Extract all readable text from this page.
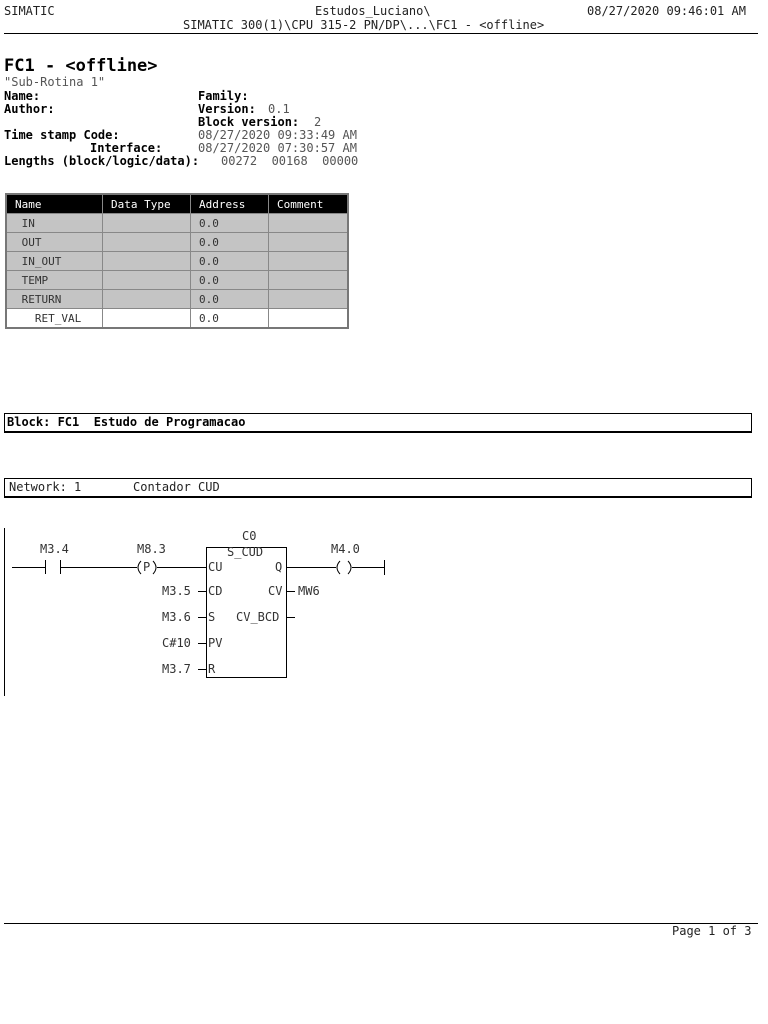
SIMATIC	Estudos_Luciano\	08/27/2020 09:46:01 AM
SIMATIC 300(1)\CPU 315-2 PN/DP\...\FC1 - <offline>
FC1 - <offline>
"Sub-Rotina 1"
Name:	Family:
Author:	Version: 0.1
Block version: 2
Time stamp Code:	08/27/2020 09:33:49 AM
Interface:	08/27/2020 07:30:57 AM
Lengths (block/logic/data): 00272  00168  00000
Name	Data Type	Address	Comment
IN		0.0	
OUT		0.0	
IN_OUT		0.0	
TEMP		0.0	
RETURN		0.0	
RET_VAL		0.0	
Block: FC1  Estudo de Programacao
Network: 1	Contador CUD
M3.4	M8.3
P
M4.0
C0
S_CUD
CU	Q
CD	CV
S CV_BCD
PV
R
M3.5
M3.6
C#10
M3.7
MW6
Page 1 of 3
